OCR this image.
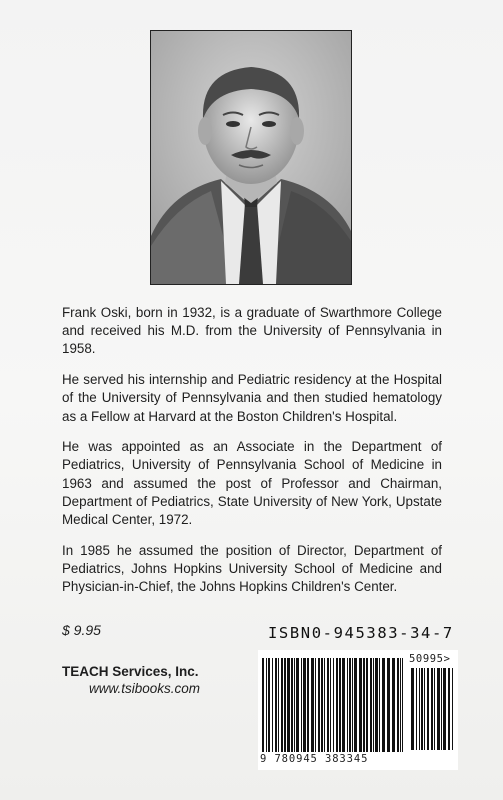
Frank Oski, born in 1932, is a graduate of Swarthmore College and received his M.D. from the University of Pennsylvania in 1958.

He served his internship and Pediatric residency at the Hospital of the University of Pennsylvania and then studied hematology as a Fellow at Harvard at the Boston Children's Hospital.

He was appointed as an Associate in the Department of Pediatrics, University of Pennsylvania School of Medicine in 1963 and assumed the post of Professor and Chairman, Department of Pediatrics, State University of New York, Upstate Medical Center, 1972.

In 1985 he assumed the position of Director, Department of Pediatrics, Johns Hopkins University School of Medicine and Physician-in-Chief, the Johns Hopkins Children's Center.

$ 9.95
TEACH Services, Inc.
www.tsibooks.com
ISBN0-945383-34-7
50995>
9 780945 383345
